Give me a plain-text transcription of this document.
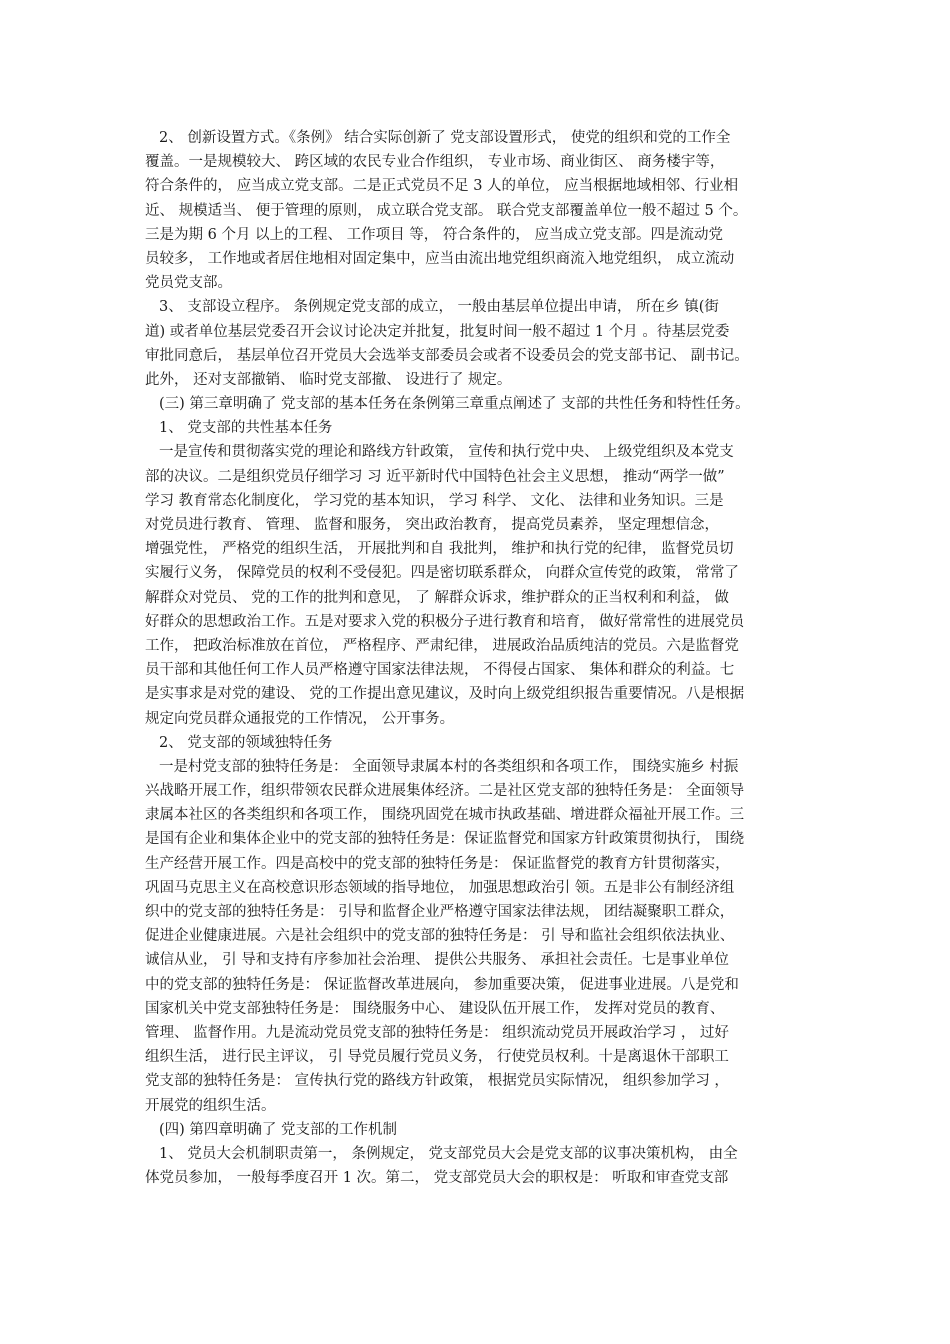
2、 创新设置方式。《条例》 结合实际创新了 党支部设置形式， 使党的组织和党的工作全
覆盖。一是规模较大、 跨区域的农民专业合作组织， 专业市场、商业街区、 商务楼宇等，
符合条件的， 应当成立党支部。二是正式党员不足 3 人的单位， 应当根据地域相邻、行业相
近、 规模适当、 便于管理的原则， 成立联合党支部。 联合党支部覆盖单位一般不超过 5 个。
三是为期 6 个月 以上的工程、 工作项目 等， 符合条件的， 应当成立党支部。四是流动党
员较多， 工作地或者居住地相对固定集中，应当由流出地党组织商流入地党组织， 成立流动
党员党支部。
3、 支部设立程序。 条例规定党支部的成立， 一般由基层单位提出申请， 所在乡 镇(街
道) 或者单位基层党委召开会议讨论决定并批复，批复时间一般不超过 1 个月 。待基层党委
审批同意后， 基层单位召开党员大会选举支部委员会或者不设委员会的党支部书记、 副书记。
此外， 还对支部撤销、 临时党支部撤、 设进行了 规定。
(三) 第三章明确了 党支部的基本任务在条例第三章重点阐述了 支部的共性任务和特性任务。
1、 党支部的共性基本任务
一是宣传和贯彻落实党的理论和路线方针政策， 宣传和执行党中央、 上级党组织及本党支
部的决议。二是组织党员仔细学习 习 近平新时代中国特色社会主义思想， 推动“两学一做”
学习 教育常态化制度化， 学习党的基本知识， 学习 科学、 文化、 法律和业务知识。三是
对党员进行教育、 管理、 监督和服务， 突出政治教育， 提高党员素养， 坚定理想信念，
增强党性， 严格党的组织生活， 开展批判和自 我批判， 维护和执行党的纪律， 监督党员切
实履行义务， 保障党员的权利不受侵犯。四是密切联系群众， 向群众宣传党的政策， 常常了
解群众对党员、 党的工作的批判和意见， 了 解群众诉求，维护群众的正当权利和利益， 做
好群众的思想政治工作。五是对要求入党的积极分子进行教育和培育， 做好常常性的进展党员
工作， 把政治标准放在首位， 严格程序、严肃纪律， 进展政治品质纯洁的党员。六是监督党
员干部和其他任何工作人员严格遵守国家法律法规， 不得侵占国家、 集体和群众的利益。七
是实事求是对党的建设、 党的工作提出意见建议，及时向上级党组织报告重要情况。八是根据
规定向党员群众通报党的工作情况， 公开事务。
2、 党支部的领域独特任务
一是村党支部的独特任务是： 全面领导隶属本村的各类组织和各项工作， 围绕实施乡 村振
兴战略开展工作，组织带领农民群众进展集体经济。二是社区党支部的独特任务是： 全面领导
隶属本社区的各类组织和各项工作， 围绕巩固党在城市执政基础、增进群众福祉开展工作。三
是国有企业和集体企业中的党支部的独特任务是：保证监督党和国家方针政策贯彻执行， 围绕
生产经营开展工作。四是高校中的党支部的独特任务是： 保证监督党的教育方针贯彻落实，
巩固马克思主义在高校意识形态领域的指导地位， 加强思想政治引 领。五是非公有制经济组
织中的党支部的独特任务是： 引导和监督企业严格遵守国家法律法规， 团结凝聚职工群众，
促进企业健康进展。六是社会组织中的党支部的独特任务是： 引 导和监社会组织依法执业、
诚信从业， 引 导和支持有序参加社会治理、 提供公共服务、 承担社会责任。七是事业单位
中的党支部的独特任务是： 保证监督改革进展向， 参加重要决策， 促进事业进展。八是党和
国家机关中党支部独特任务是： 围绕服务中心、 建设队伍开展工作， 发挥对党员的教育、
管理、 监督作用。九是流动党员党支部的独特任务是： 组织流动党员开展政治学习 ， 过好
组织生活， 进行民主评议， 引 导党员履行党员义务， 行使党员权利。十是离退休干部职工
党支部的独特任务是： 宣传执行党的路线方针政策， 根据党员实际情况， 组织参加学习 ，
开展党的组织生活。
(四) 第四章明确了 党支部的工作机制
1、 党员大会机制职责第一， 条例规定， 党支部党员大会是党支部的议事决策机构， 由全
体党员参加， 一般每季度召开 1 次。第二， 党支部党员大会的职权是： 听取和审查党支部
